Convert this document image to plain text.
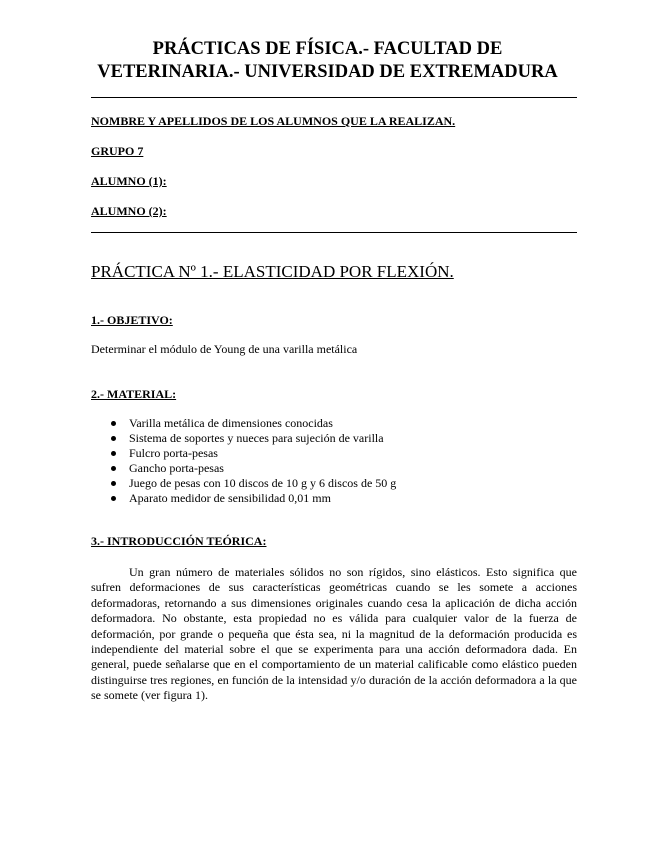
PRÁCTICAS DE FÍSICA.- FACULTAD DE
VETERINARIA.- UNIVERSIDAD DE EXTREMADURA
NOMBRE Y APELLIDOS DE LOS ALUMNOS QUE LA REALIZAN.
GRUPO 7
ALUMNO (1):
ALUMNO (2):
PRÁCTICA Nº 1.- ELASTICIDAD POR FLEXIÓN.
1.- OBJETIVO:
Determinar el módulo de Young de una varilla metálica
2.- MATERIAL:
Varilla metálica de dimensiones conocidas
Sistema de soportes y nueces para sujeción de varilla
Fulcro porta-pesas
Gancho porta-pesas
Juego de pesas con 10 discos de 10 g y 6 discos de 50 g
Aparato medidor de sensibilidad 0,01 mm
3.- INTRODUCCIÓN TEÓRICA:
Un gran número de materiales sólidos no son rígidos, sino elásticos. Esto significa que sufren deformaciones de sus características geométricas cuando se les somete a acciones deformadoras, retornando a sus dimensiones originales cuando cesa la aplicación de dicha acción deformadora. No obstante, esta propiedad no es válida para cualquier valor de la fuerza de deformación, por grande o pequeña que ésta sea, ni la magnitud de la deformación producida es independiente del material sobre el que se experimenta para una acción deformadora dada. En general, puede señalarse que en el comportamiento de un material calificable como elástico pueden distinguirse tres regiones, en función de la intensidad y/o duración de la acción deformadora a la que se somete (ver figura 1).
